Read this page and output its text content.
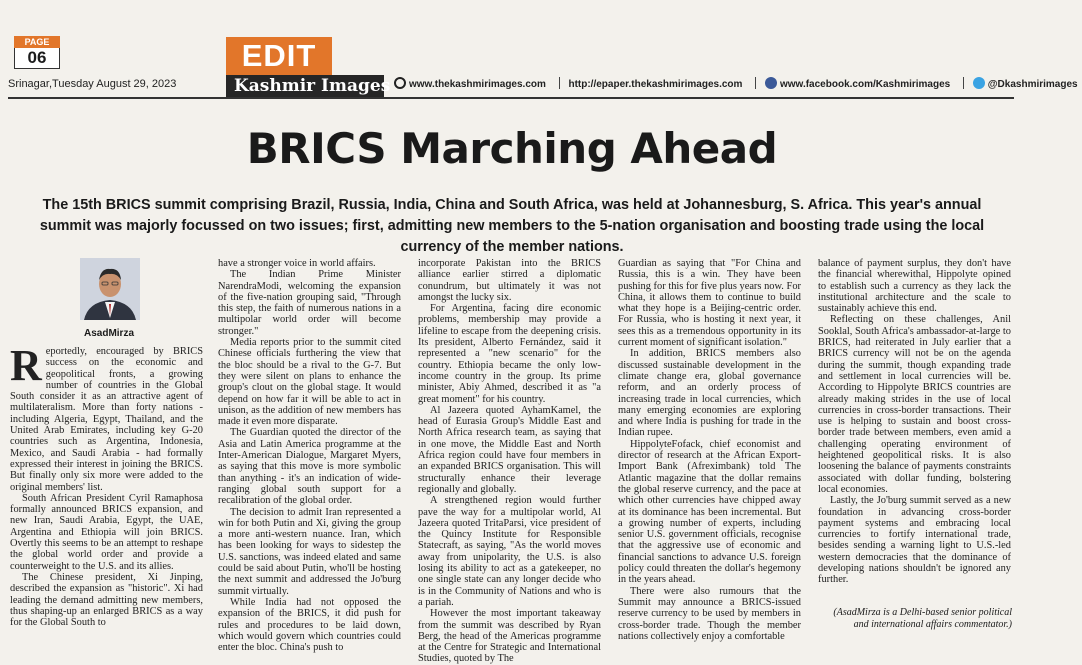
PAGE
06
Srinagar,Tuesday August 29, 2023
EDIT
Kashmir Images	www.thekashmirimages.com http://epaper.thekashmirimages.com	www.facebook.com/Kashmirimages	@Dkashmirimages
BRICS Marching Ahead
The 15th BRICS summit comprising Brazil, Russia, India, China and South Africa, was held at Johannesburg, S. Africa. This year's annual summit was majorly focussed on two issues; first, admitting new members to the 5-nation organisation and boosting trade using the local currency of the member nations.
AsadMirza
R eportedly, encouraged by BRICS success on the economic and geopolitical fronts, a growing number of countries in the Global South consider it as an attractive agent of multilateralism. More than forty nations - including Algeria, Egypt, Thailand, and the United Arab Emirates, including key G-20 countries such as Argentina, Indonesia, Mexico, and Saudi Arabia - had formally expressed their interest in joining the BRICS. But finally only six more were added to the original members' list.

South African President Cyril Ramaphosa formally announced BRICS expansion, and new Iran, Saudi Arabia, Egypt, the UAE, Argentina and Ethiopia will join BRICS. Overtly this seems to be an attempt to reshape the global world order and provide a counterweight to the U.S. and its allies.

The Chinese president, Xi Jinping, described the expansion as "historic". Xi had leading the demand admitting new members, thus shaping-up an enlarged BRICS as a way for the Global South to

have a stronger voice in world affairs.

The Indian Prime Minister NarendraModi, welcoming the expansion of the five-nation grouping said, "Through this step, the faith of numerous nations in a multipolar world order will become stronger."

Media reports prior to the summit cited Chinese officials furthering the view that the bloc should be a rival to the G-7. But they were silent on plans to enhance the group's clout on the global stage. It would depend on how far it will be able to act in unison, as the addition of new members has made it even more disparate.

The Guardian quoted the director of the Asia and Latin America programme at the Inter-American Dialogue, Margaret Myers, as saying that this move is more symbolic than anything - it's an indication of wide-ranging global south support for a recalibration of the global order.

The decision to admit Iran represented a win for both Putin and Xi, giving the group a more anti-western nuance. Iran, which has been looking for ways to sidestep the U.S. sanctions, was indeed elated and same could be said about Putin, who'll be hosting the next summit and addressed the Jo'burg summit virtually.

While India had not opposed the expansion of the BRICS, it did push for rules and procedures to be laid down, which would govern which countries could enter the bloc. China's push to

incorporate Pakistan into the BRICS alliance earlier stirred a diplomatic conundrum, but ultimately it was not amongst the lucky six.

For Argentina, facing dire economic problems, membership may provide a lifeline to escape from the deepening crisis. Its president, Alberto Fernández, said it represented a "new scenario" for the country. Ethiopia became the only low-income country in the group. Its prime minister, Abiy Ahmed, described it as "a great moment" for his country.

Al Jazeera quoted AyhamKamel, the head of Eurasia Group's Middle East and North Africa research team, as saying that in one move, the Middle East and North Africa region could have four members in an expanded BRICS organisation. This will structurally enhance their leverage regionally and globally.

A strengthened region would further pave the way for a multipolar world, Al Jazeera quoted TritaParsi, vice president of the Quincy Institute for Responsible Statecraft, as saying, "As the world moves away from unipolarity, the U.S. is also losing its ability to act as a gatekeeper, no one single state can any longer decide who is in the Community of Nations and who is a pariah.

However the most important takeaway from the summit was described by Ryan Berg, the head of the Americas programme at the Centre for Strategic and International Studies, quoted by The

Guardian as saying that "For China and Russia, this is a win. They have been pushing for this for five plus years now. For China, it allows them to continue to build what they hope is a Beijing-centric order. For Russia, who is hosting it next year, it sees this as a tremendous opportunity in its current moment of significant isolation."

In addition, BRICS members also discussed sustainable development in the climate change era, global governance reform, and an orderly process of increasing trade in local currencies, which many emerging economies are exploring and where India is pushing for trade in the Indian rupee.

HippolyteFofack, chief economist and director of research at the African Export-Import Bank (Afreximbank) told The Atlantic magazine that the dollar remains the global reserve currency, and the pace at which other currencies have chipped away at its dominance has been incremental. But a growing number of experts, including senior U.S. government officials, recognise that the aggressive use of economic and financial sanctions to advance U.S. foreign policy could threaten the dollar's hegemony in the years ahead.

There were also rumours that the Summit may announce a BRICS-issued reserve currency to be used by members in cross-border trade. Though the member nations collectively enjoy a comfortable

balance of payment surplus, they don't have the financial wherewithal, Hippolyte opined to establish such a currency as they lack the institutional architecture and the scale to sustainably achieve this end.

Reflecting on these challenges, Anil Sooklal, South Africa's ambassador-at-large to BRICS, had reiterated in July earlier that a BRICS currency will not be on the agenda during the summit, though expanding trade and settlement in local currencies will be. According to Hippolyte BRICS countries are already making strides in the use of local currencies in cross-border transactions. Their use is helping to sustain and boost cross-border trade between members, even amid a challenging operating environment of heightened geopolitical risks. It is also loosening the balance of payments constraints associated with dollar funding, bolstering local economies.

Lastly, the Jo'burg summit served as a new foundation in advancing cross-border payment systems and embracing local currencies to fortify international trade, besides sending a warning light to U.S.-led western democracies that the dominance of developing nations shouldn't be ignored any further.

(AsadMirza is a Delhi-based senior political and international affairs commentator.)
